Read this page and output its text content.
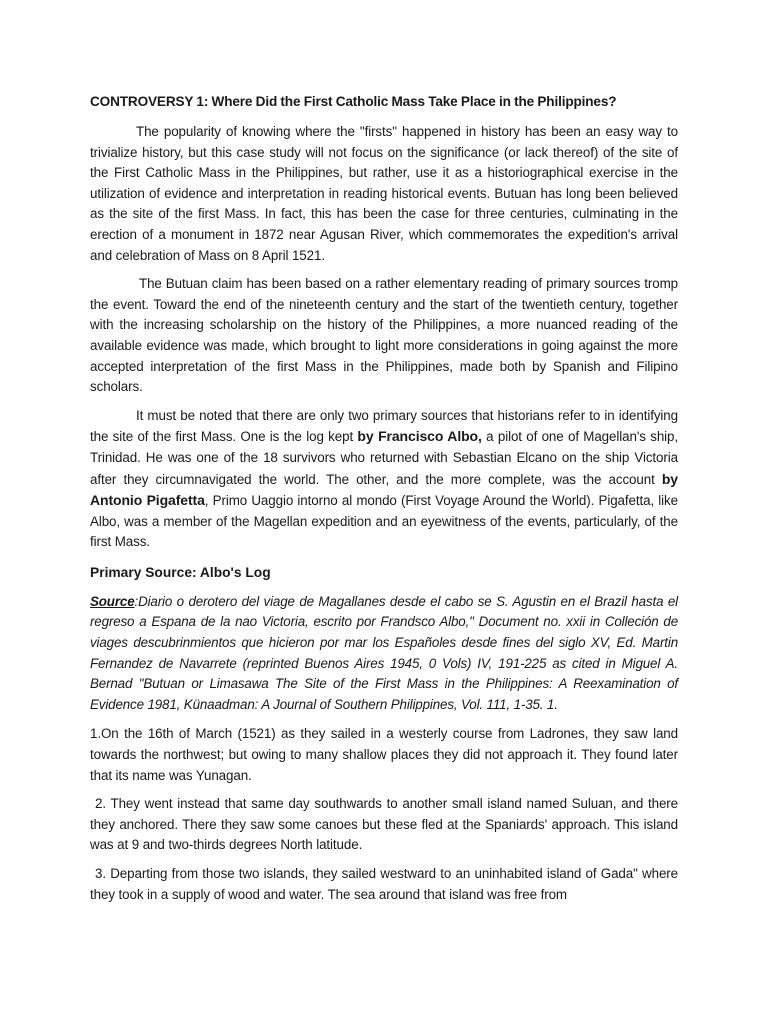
CONTROVERSY 1: Where Did the First Catholic Mass Take Place in the Philippines?

The popularity of knowing where the "firsts" happened in history has been an easy way to trivialize history, but this case study will not focus on the significance (or lack thereof) of the site of the First Catholic Mass in the Philippines, but rather, use it as a historiographical exercise in the utilization of evidence and interpretation in reading historical events. Butuan has long been believed as the site of the first Mass. In fact, this has been the case for three centuries, culminating in the erection of a monument in 1872 near Agusan River, which commemorates the expedition's arrival and celebration of Mass on 8 April 1521.

The Butuan claim has been based on a rather elementary reading of primary sources tromp the event. Toward the end of the nineteenth century and the start of the twentieth century, together with the increasing scholarship on the history of the Philippines, a more nuanced reading of the available evidence was made, which brought to light more considerations in going against the more accepted interpretation of the first Mass in the Philippines, made both by Spanish and Filipino scholars.

It must be noted that there are only two primary sources that historians refer to in identifying the site of the first Mass. One is the log kept by Francisco Albo, a pilot of one of Magellan's ship, Trinidad. He was one of the 18 survivors who returned with Sebastian Elcano on the ship Victoria after they circumnavigated the world. The other, and the more complete, was the account by Antonio Pigafetta, Primo Uaggio intorno al mondo (First Voyage Around the World). Pigafetta, like Albo, was a member of the Magellan expedition and an eyewitness of the events, particularly, of the first Mass.

Primary Source: Albo's Log

Source:Diario o derotero del viage de Magallanes desde el cabo se S. Agustin en el Brazil hasta el regreso a Espana de la nao Victoria, escrito por Frandsco Albo," Document no. xxii in Colleción de viages descubrinmientos que hicieron por mar los Españoles desde fines del siglo XV, Ed. Martin Fernandez de Navarrete (reprinted Buenos Aires 1945, 0 Vols) IV, 191-225 as cited in Miguel A. Bernad "Butuan or Limasawa The Site of the First Mass in the Philippines: A Reexamination of Evidence 1981, Künaadman: A Journal of Southern Philippines, Vol. 111, 1-35. 1.

1.On the 16th of March (1521) as they sailed in a westerly course from Ladrones, they saw land towards the northwest; but owing to many shallow places they did not approach it. They found later that its name was Yunagan.

2. They went instead that same day southwards to another small island named Suluan, and there they anchored. There they saw some canoes but these fled at the Spaniards' approach. This island was at 9 and two-thirds degrees North latitude.

3. Departing from those two islands, they sailed westward to an uninhabited island of Gada" where they took in a supply of wood and water. The sea around that island was free from
